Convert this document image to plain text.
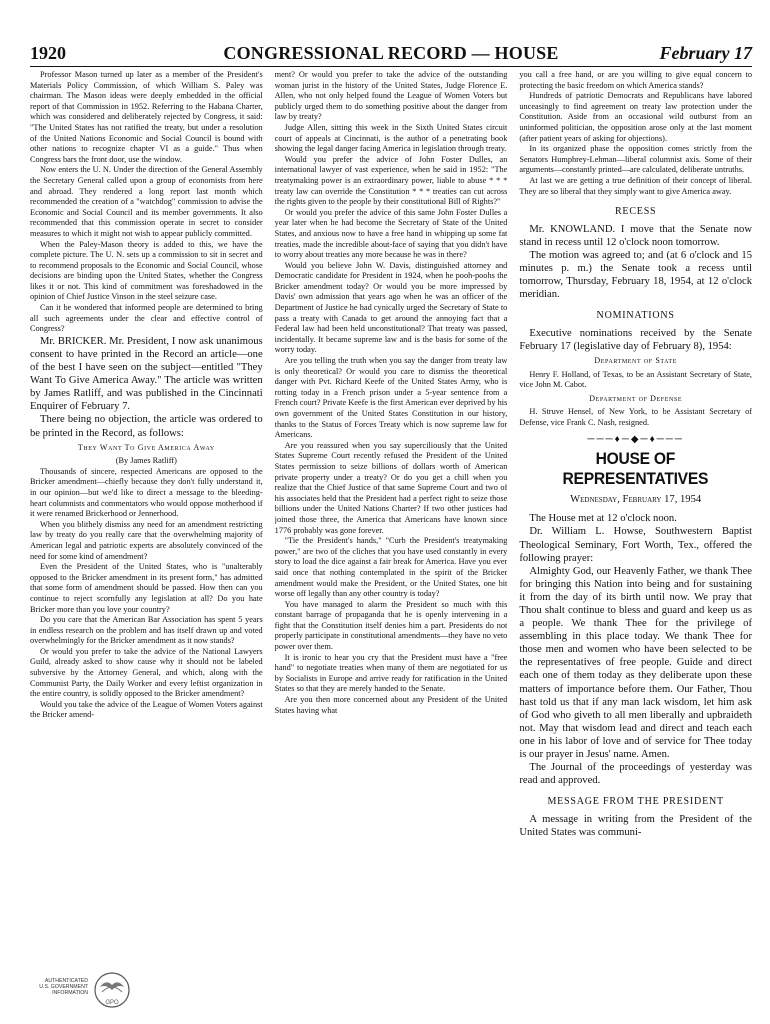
CONGRESSIONAL RECORD — HOUSE
1920	February 17

Professor Mason turned up later as a member of the President's Materials Policy Commission, of which William S. Paley was chairman. The Mason ideas were deeply embedded in the official report of that Commission in 1952. Referring to the Habana Charter, which was considered and deliberately rejected by Congress, it said: "The United States has not ratified the treaty, but under a resolution of the United Nations Economic and Social Council is bound with other nations to recognize chapter VI as a guide." Thus when Congress bars the front door, use the window.

Now enters the U. N. Under the direction of the General Assembly the Secretary General called upon a group of economists from here and abroad. They rendered a long report last month which recommended the creation of a "watchdog" commission to advise the Economic and Social Council and its member governments. It also recommended that this commission operate in secret to consider measures to which it might not wish to appear publicly committed.

When the Paley-Mason theory is added to this, we have the complete picture. The U. N. sets up a commission to sit in secret and to recommend proposals to the Economic and Social Council, whose decisions are binding upon the United States, whether the Congress likes it or not. This kind of commitment was foreshadowed in the opinion of Chief Justice Vinson in the steel seizure case.

Can it be wondered that informed people are determined to bring all such agreements under the clear and effective control of Congress?

Mr. BRICKER. Mr. President, I now ask unanimous consent to have printed in the Record an article—one of the best I have seen on the subject—entitled "They Want To Give America Away." The article was written by James Ratliff, and was published in the Cincinnati Enquirer of February 7.

There being no objection, the article was ordered to be printed in the Record, as follows:

They Want To Give America Away

(By James Ratliff)

Thousands of sincere, respected Americans are opposed to the Bricker amendment—chiefly because they don't fully understand it, in our opinion—but we'd like to direct a message to the bleeding-heart columnists and commentators who would oppose motherhood if it were renamed Brickerhood or Jennerhood.

When you blithely dismiss any need for an amendment restricting law by treaty do you really care that the overwhelming majority of American legal and patriotic experts are absolutely convinced of the need for some kind of amendment?

Even the President of the United States, who is "unalterably opposed to the Bricker amendment in its present form," has admitted that some form of amendment should be passed. How then can you continue to reject scornfully any legislation at all? Do you hate Bricker more than you love your country?

Do you care that the American Bar Association has spent 5 years in endless research on the problem and has itself drawn up and voted overwhelmingly for the Bricker amendment as it now stands?

Or would you prefer to take the advice of the National Lawyers Guild, already asked to show cause why it should not be labeled subversive by the Attorney General, and which, along with the Communist Party, the Daily Worker and every leftist organization in the entire country, is solidly opposed to the Bricker amendment?

Would you take the advice of the League of Women Voters against the Bricker amend-

ment? Or would you prefer to take the advice of the outstanding woman jurist in the history of the United States, Judge Florence E. Allen, who not only helped found the League of Women Voters but publicly urged them to do something positive about the danger from law by treaty?

Judge Allen, sitting this week in the Sixth United States circuit court of appeals at Cincinnati, is the author of a penetrating book showing the legal danger facing America in legislation through treaty.

Would you prefer the advice of John Foster Dulles, an international lawyer of vast experience, when he said in 1952: "The treatymaking power is an extraordinary power, liable to abuse * * * treaty law can override the Constitution * * * treaties can cut across the rights given to the people by their constitutional Bill of Rights?"

Or would you prefer the advice of this same John Foster Dulles a year later when he had become the Secretary of State of the United States, and anxious now to have a free hand in whipping up some fat treaties, made the incredible about-face of saying that you didn't have to worry about treaties any more because he was in there?

Would you believe John W. Davis, distinguished attorney and Democratic candidate for President in 1924, when he pooh-poohs the Bricker amendment today? Or would you be more impressed by Davis' own admission that years ago when he was an officer of the Department of Justice he had cynically urged the Secretary of State to pass a treaty with Canada to get around the annoying fact that a Federal law had been held unconstitutional? That treaty was passed, incidentally. It became supreme law and is the basis for some of the worry today.

Are you telling the truth when you say the danger from treaty law is only theoretical? Or would you care to dismiss the theoretical danger with Pvt. Richard Keefe of the United States Army, who is rotting today in a French prison under a 5-year sentence from a French court? Private Keefe is the first American ever deprived by his own government of the United States Constitution in our history, thanks to the Status of Forces Treaty which is now supreme law for Americans.

Are you reassured when you say superciliously that the United States Supreme Court recently refused the President of the United States permission to seize billions of dollars worth of American private property under a treaty? Or do you get a chill when you realize that the Chief Justice of that same Supreme Court and two of his associates held that the President had a perfect right to seize those billions under the United Nations Charter? If two other justices had joined those three, the America that Americans have known since 1776 probably was gone forever.

"Tie the President's hands," "Curb the President's treatymaking power," are two of the cliches that you have used constantly in every story to load the dice against a fair break for America. Have you ever said once that nothing contemplated in the spirit of the Bricker amendment would make the President, or the United States, one bit worse off legally than any other country is today?

You have managed to alarm the President so much with this constant barrage of propaganda that he is openly intervening in a fight that the Constitution itself denies him a part. Presidents do not properly participate in constitutional amendments—they have no veto power over them.

It is ironic to hear you cry that the President must have a "free hand" to negotiate treaties when many of them are negotiated for us by Socialists in Europe and arrive ready for ratification in the United States so that they are merely handed to the Senate.

Are you then more concerned about any President of the United States having what

you call a free hand, or are you willing to give equal concern to protecting the basic freedom on which America stands?

Hundreds of patriotic Democrats and Republicans have labored unceasingly to find agreement on treaty law protection under the Constitution. Aside from an occasional wild outburst from an uninformed politician, the opposition arose only at the last moment (after patient years of asking for objections).

In its organized phase the opposition comes strictly from the Senators Humphrey-Lehman—liberal columnist axis. Some of their arguments—constantly printed—are calculated, deliberate untruths.

At last we are getting a true definition of their concept of liberal. They are so liberal that they simply want to give America away.

RECESS

Mr. KNOWLAND. I move that the Senate now stand in recess until 12 o'clock noon tomorrow.

The motion was agreed to; and (at 6 o'clock and 15 minutes p. m.) the Senate took a recess until tomorrow, Thursday, February 18, 1954, at 12 o'clock meridian.

NOMINATIONS

Executive nominations received by the Senate February 17 (legislative day of February 8), 1954:

Department of State

Henry F. Holland, of Texas, to be an Assistant Secretary of State, vice John M. Cabot.

Department of Defense

H. Struve Hensel, of New York, to be Assistant Secretary of Defense, vice Frank C. Nash, resigned.

───♦─◆─♦───

HOUSE OF REPRESENTATIVES

Wednesday, February 17, 1954

The House met at 12 o'clock noon.

Dr. William L. Howse, Southwestern Baptist Theological Seminary, Fort Worth, Tex., offered the following prayer:

Almighty God, our Heavenly Father, we thank Thee for bringing this Nation into being and for sustaining it from the day of its birth until now. We pray that Thou shalt continue to bless and guard and keep us as a people. We thank Thee for the privilege of assembling in this place today. We thank Thee for those men and women who have been selected to be the representatives of free people. Guide and direct each one of them today as they deliberate upon these matters of importance before them. Our Father, Thou hast told us that if any man lack wisdom, let him ask of God who giveth to all men liberally and upbraideth not. May that wisdom lead and direct and teach each one in his labor of love and of service for Thee today is our prayer in Jesus' name. Amen.

The Journal of the proceedings of yesterday was read and approved.

MESSAGE FROM THE PRESIDENT

A message in writing from the President of the United States was communi-

AUTHENTICATED
U.S. GOVERNMENT
INFORMATION
GPO
